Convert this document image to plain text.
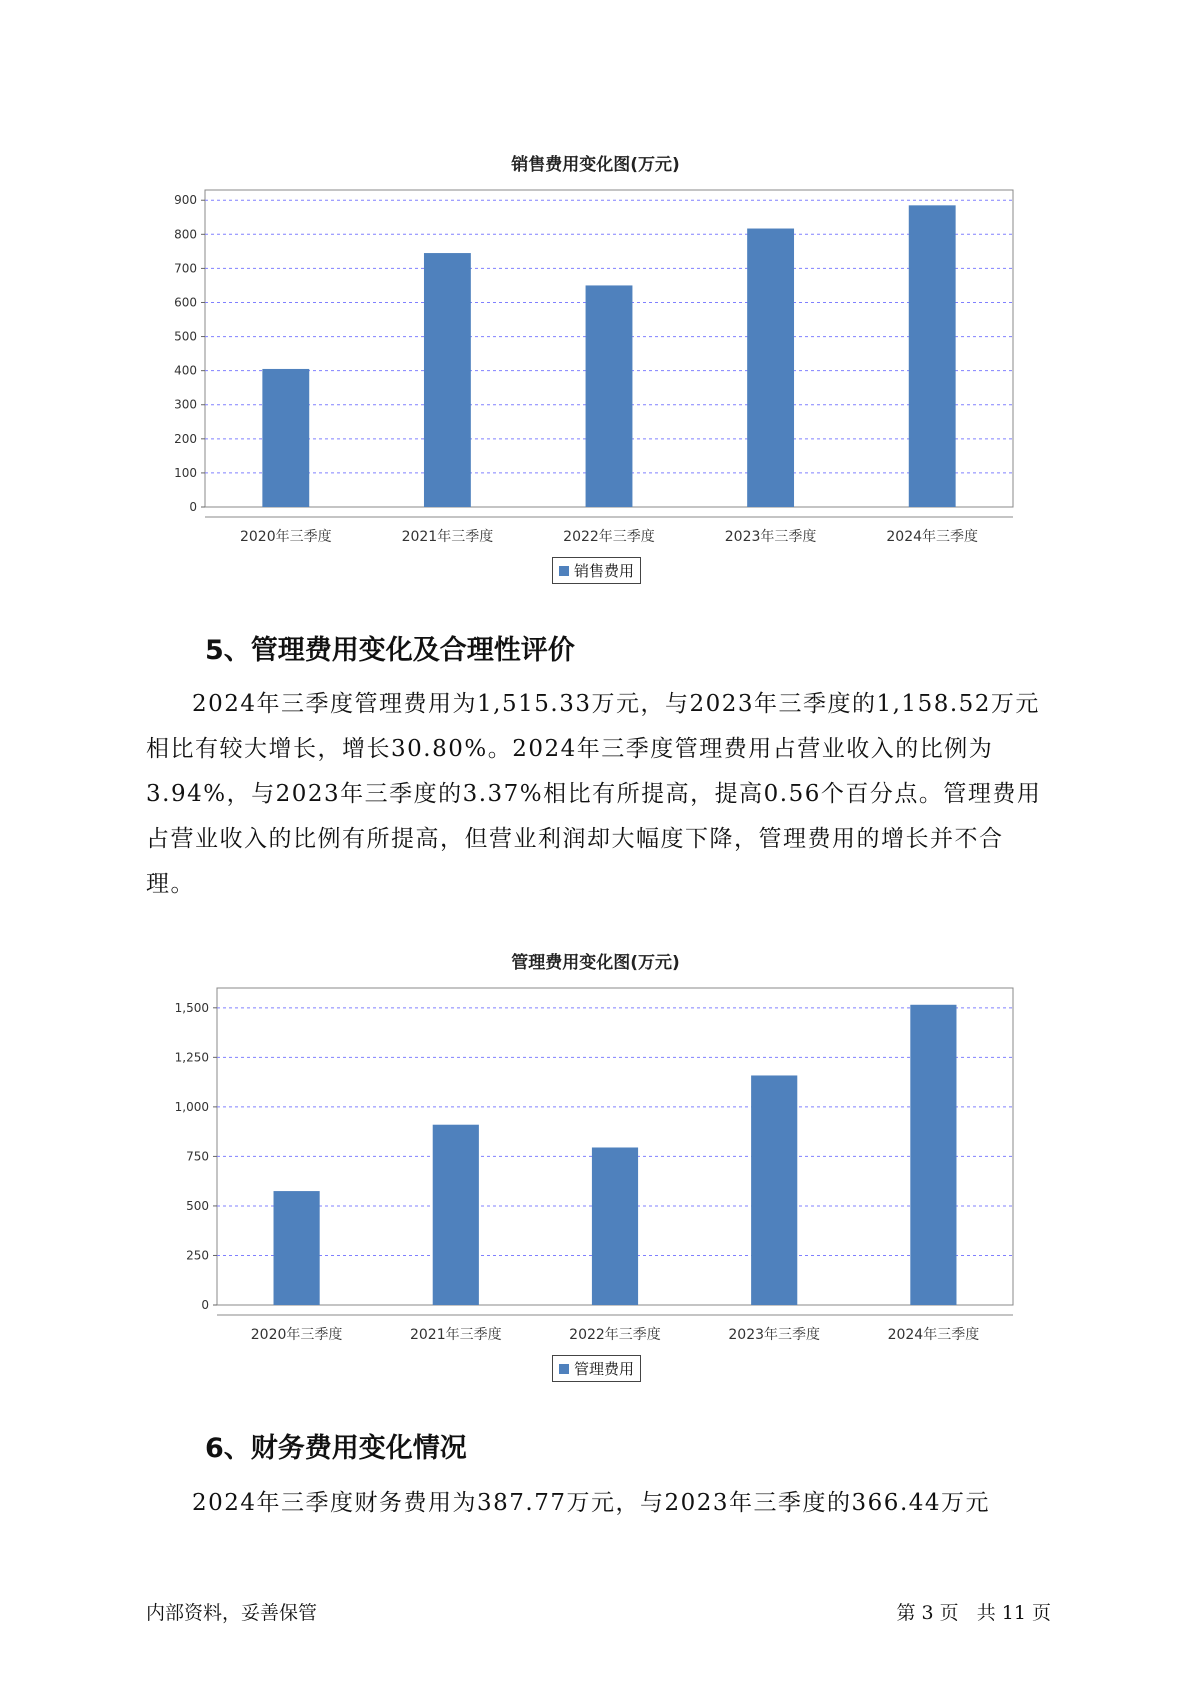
销售费用变化图(万元)
0
100
200
300
400
500
600
700
800
900
2020年三季度	2021年三季度	2022年三季度	2023年三季度	2024年三季度
销售费用
5、管理费用变化及合理性评价
2024年三季度管理费用为1,515.33万元，与2023年三季度的1,158.52万元相比有较大增长，增长30.80%。2024年三季度管理费用占营业收入的比例为3.94%，与2023年三季度的3.37%相比有所提高，提高0.56个百分点。管理费用占营业收入的比例有所提高，但营业利润却大幅度下降，管理费用的增长并不合理。
管理费用变化图(万元)
0
250
500
750
1,000
1,250
1,500
2020年三季度	2021年三季度	2022年三季度	2023年三季度	2024年三季度
管理费用
6、财务费用变化情况
2024年三季度财务费用为387.77万元，与2023年三季度的366.44万元
内部资料，妥善保管	第 3 页   共 11 页
